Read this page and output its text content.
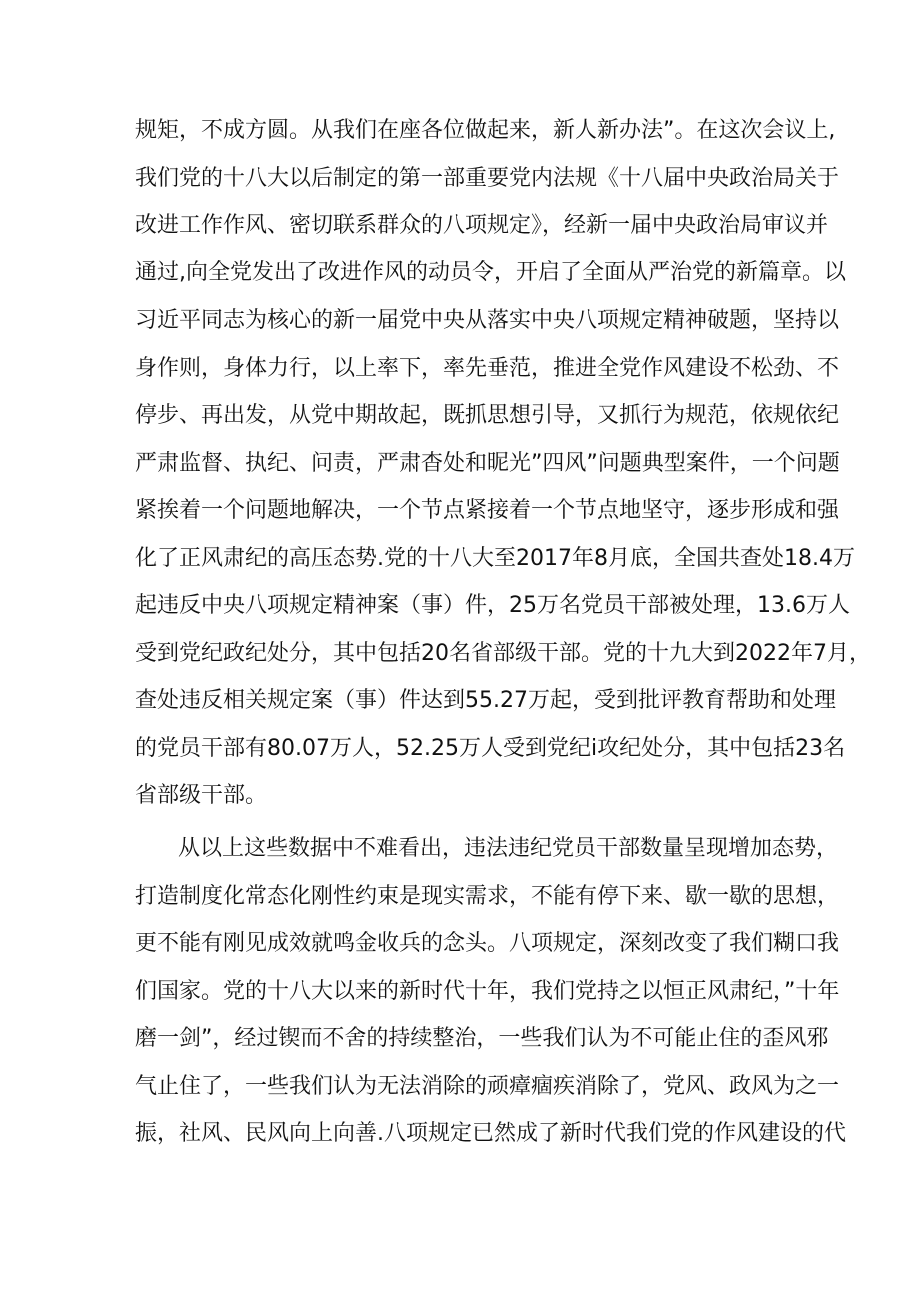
规矩，不成方圆。从我们在座各位做起来，新人新办法”。在这次会议上,
我们党的十八大以后制定的第一部重要党内法规《十八届中央政治局关于
改进工作作风、密切联系群众的八项规定》，经新一届中央政治局审议并
通过,向全党发出了改进作风的动员令，开启了全面从严治党的新篇章。以
习近平同志为核心的新一届党中央从落实中央八项规定精神破题，坚持以
身作则，身体力行，以上率下，率先垂范，推进全党作风建设不松劲、不
停步、再出发，从党中期故起，既抓思想引导，又抓行为规范，依规依纪
严肃监督、执纪、问责，严肃杳处和昵光”四风”问题典型案件，一个问题
紧挨着一个问题地解决，一个节点紧接着一个节点地坚守，逐步形成和强
化了正风肃纪的高压态势.党的十八大至2017年8月底，全国共查处18.4万
起违反中央八项规定精神案（事）件，25万名党员干部被处理，13.6万人
受到党纪政纪处分，其中包括20名省部级干部。党的十九大到2022年7月，
查处违反相关规定案（事）件达到55.27万起，受到批评教育帮助和处理
的党员干部有80.07万人，52.25万人受到党纪i攻纪处分，其中包括23名
省部级干部。
从以上这些数据中不难看出，违法违纪党员干部数量呈现增加态势，
打造制度化常态化刚性约束是现实需求，不能有停下来、歇一歇的思想，
更不能有刚见成效就鸣金收兵的念头。八项规定，深刻改变了我们糊口我
们国家。党的十八大以来的新时代十年，我们党持之以恒正风肃纪，”十年
磨一剑”，经过锲而不舍的持续整治，一些我们认为不可能止住的歪风邪
气止住了，一些我们认为无法消除的顽瘴痼疾消除了，党风、政风为之一
振，社风、民风向上向善.八项规定已然成了新时代我们党的作风建设的代
